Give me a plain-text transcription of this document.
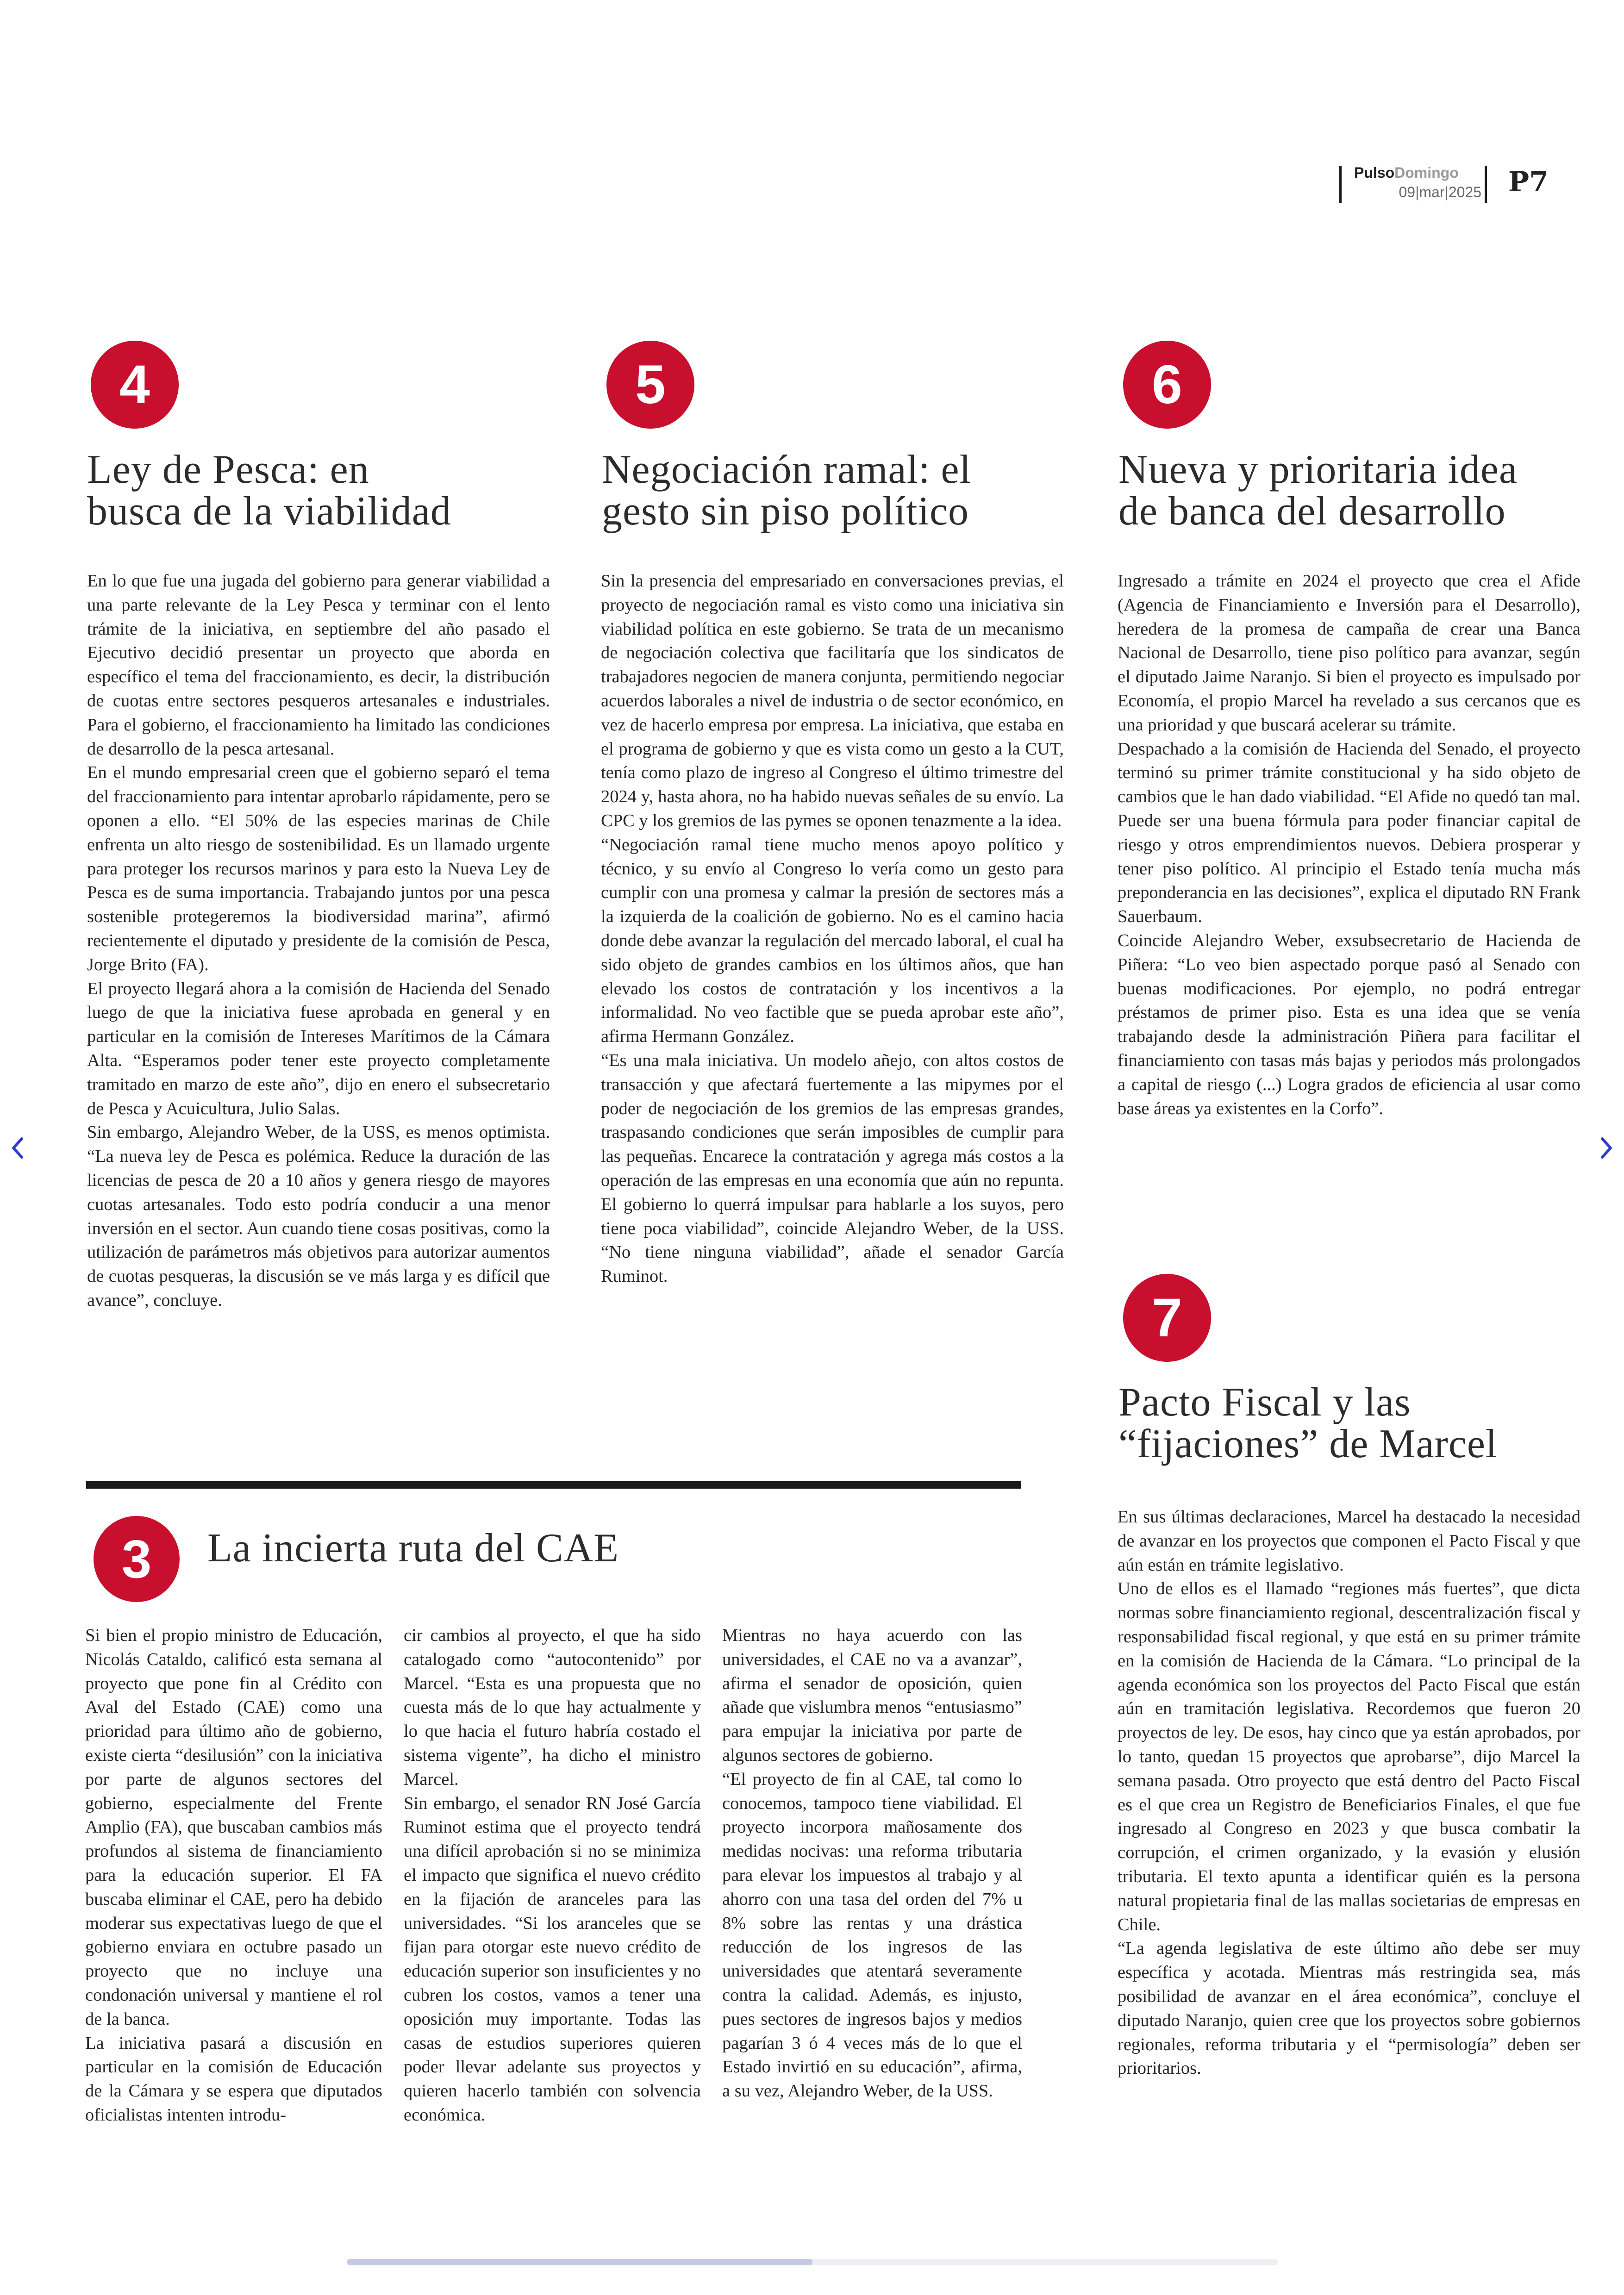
PulsoDomingo
09|mar|2025 P7
4
Ley de Pesca: en
busca de la viabilidad

En lo que fue una jugada del gobierno para generar viabilidad a una parte relevante de la Ley Pesca y terminar con el lento trámite de la iniciativa, en septiembre del año pasado el Ejecutivo decidió presentar un proyecto que aborda en específico el tema del fraccionamiento, es decir, la distribución de cuotas entre sectores pesqueros artesanales e industriales. Para el gobierno, el fraccionamiento ha limitado las condiciones de desarrollo de la pesca artesanal.

En el mundo empresarial creen que el gobierno separó el tema del fraccionamiento para intentar aprobarlo rápidamente, pero se oponen a ello. “El 50% de las especies marinas de Chile enfrenta un alto riesgo de sostenibilidad. Es un llamado urgente para proteger los recursos marinos y para esto la Nueva Ley de Pesca es de suma importancia. Trabajando juntos por una pesca sostenible protegeremos la biodiversidad marina”, afirmó recientemente el diputado y presidente de la comisión de Pesca, Jorge Brito (FA).

El proyecto llegará ahora a la comisión de Hacienda del Senado luego de que la iniciativa fuese aprobada en general y en particular en la comisión de Intereses Marítimos de la Cámara Alta. “Esperamos poder tener este proyecto completamente tramitado en marzo de este año”, dijo en enero el subsecretario de Pesca y Acuicultura, Julio Salas.

Sin embargo, Alejandro Weber, de la USS, es menos optimista. “La nueva ley de Pesca es polémica. Reduce la duración de las licencias de pesca de 20 a 10 años y genera riesgo de mayores cuotas artesanales. Todo esto podría conducir a una menor inversión en el sector. Aun cuando tiene cosas positivas, como la utilización de parámetros más objetivos para autorizar aumentos de cuotas pesqueras, la discusión se ve más larga y es difícil que avance”, concluye.

5
Negociación ramal: el
gesto sin piso político

Sin la presencia del empresariado en conversaciones previas, el proyecto de negociación ramal es visto como una iniciativa sin viabilidad política en este gobierno. Se trata de un mecanismo de negociación colectiva que facilitaría que los sindicatos de trabajadores negocien de manera conjunta, permitiendo negociar acuerdos laborales a nivel de industria o de sector económico, en vez de hacerlo empresa por empresa. La iniciativa, que estaba en el programa de gobierno y que es vista como un gesto a la CUT, tenía como plazo de ingreso al Congreso el último trimestre del 2024 y, hasta ahora, no ha habido nuevas señales de su envío. La CPC y los gremios de las pymes se oponen tenazmente a la idea.

“Negociación ramal tiene mucho menos apoyo político y técnico, y su envío al Congreso lo vería como un gesto para cumplir con una promesa y calmar la presión de sectores más a la izquierda de la coalición de gobierno. No es el camino hacia donde debe avanzar la regulación del mercado laboral, el cual ha sido objeto de grandes cambios en los últimos años, que han elevado los costos de contratación y los incentivos a la informalidad. No veo factible que se pueda aprobar este año”, afirma Hermann González.

“Es una mala iniciativa. Un modelo añejo, con altos costos de transacción y que afectará fuertemente a las mipymes por el poder de negociación de los gremios de las empresas grandes, traspasando condiciones que serán imposibles de cumplir para las pequeñas. Encarece la contratación y agrega más costos a la operación de las empresas en una economía que aún no repunta. El gobierno lo querrá impulsar para hablarle a los suyos, pero tiene poca viabilidad”, coincide Alejandro Weber, de la USS. “No tiene ninguna viabilidad”, añade el senador García Ruminot.

6
Nueva y prioritaria idea
de banca del desarrollo

Ingresado a trámite en 2024 el proyecto que crea el Afide (Agencia de Financiamiento e Inversión para el Desarrollo), heredera de la promesa de campaña de crear una Banca Nacional de Desarrollo, tiene piso político para avanzar, según el diputado Jaime Naranjo. Si bien el proyecto es impulsado por Economía, el propio Marcel ha revelado a sus cercanos que es una prioridad y que buscará acelerar su trámite.

Despachado a la comisión de Hacienda del Senado, el proyecto terminó su primer trámite constitucional y ha sido objeto de cambios que le han dado viabilidad. “El Afide no quedó tan mal. Puede ser una buena fórmula para poder financiar capital de riesgo y otros emprendimientos nuevos. Debiera prosperar y tener piso político. Al principio el Estado tenía mucha más preponderancia en las decisiones”, explica el diputado RN Frank Sauerbaum.

Coincide Alejandro Weber, exsubsecretario de Hacienda de Piñera: “Lo veo bien aspectado porque pasó al Senado con buenas modificaciones. Por ejemplo, no podrá entregar préstamos de primer piso. Esta es una idea que se venía trabajando desde la administración Piñera para facilitar el financiamiento con tasas más bajas y periodos más prolongados a capital de riesgo (...) Logra grados de eficiencia al usar como base áreas ya existentes en la Corfo”.

7
Pacto Fiscal y las
“fijaciones” de Marcel

En sus últimas declaraciones, Marcel ha destacado la necesidad de avanzar en los proyectos que componen el Pacto Fiscal y que aún están en trámite legislativo.

Uno de ellos es el llamado “regiones más fuertes”, que dicta normas sobre financiamiento regional, descentralización fiscal y responsabilidad fiscal regional, y que está en su primer trámite en la comisión de Hacienda de la Cámara. “Lo principal de la agenda económica son los proyectos del Pacto Fiscal que están aún en tramitación legislativa. Recordemos que fueron 20 proyectos de ley. De esos, hay cinco que ya están aprobados, por lo tanto, quedan 15 proyectos que aprobarse”, dijo Marcel la semana pasada. Otro proyecto que está dentro del Pacto Fiscal es el que crea un Registro de Beneficiarios Finales, el que fue ingresado al Congreso en 2023 y que busca combatir la corrupción, el crimen organizado, y la evasión y elusión tributaria. El texto apunta a identificar quién es la persona natural propietaria final de las mallas societarias de empresas en Chile.

“La agenda legislativa de este último año debe ser muy específica y acotada. Mientras más restringida sea, más posibilidad de avanzar en el área económica”, concluye el diputado Naranjo, quien cree que los proyectos sobre gobiernos regionales, reforma tributaria y el “permisología” deben ser prioritarios.

3	La incierta ruta del CAE

Si bien el propio ministro de Educación, Nicolás Cataldo, calificó esta semana al proyecto que pone fin al Crédito con Aval del Estado (CAE) como una prioridad para último año de gobierno, existe cierta “desilusión” con la iniciativa por parte de algunos sectores del gobierno, especialmente del Frente Amplio (FA), que buscaban cambios más profundos al sistema de financiamiento para la educación superior. El FA buscaba eliminar el CAE, pero ha debido moderar sus expectativas luego de que el gobierno enviara en octubre pasado un proyecto que no incluye una condonación universal y mantiene el rol de la banca.

La iniciativa pasará a discusión en particular en la comisión de Educación de la Cámara y se espera que diputados oficialistas intenten introdu-

cir cambios al proyecto, el que ha sido catalogado como “autocontenido” por Marcel. “Esta es una propuesta que no cuesta más de lo que hay actualmente y lo que hacia el futuro habría costado el sistema vigente”, ha dicho el ministro Marcel.

Sin embargo, el senador RN José García Ruminot estima que el proyecto tendrá una difícil aprobación si no se minimiza el impacto que significa el nuevo crédito en la fijación de aranceles para las universidades. “Si los aranceles que se fijan para otorgar este nuevo crédito de educación superior son insuficientes y no cubren los costos, vamos a tener una oposición muy importante. Todas las casas de estudios superiores quieren poder llevar adelante sus proyectos y quieren hacerlo también con solvencia económica.

Mientras no haya acuerdo con las universidades, el CAE no va a avanzar”, afirma el senador de oposición, quien añade que vislumbra menos “entusiasmo” para empujar la iniciativa por parte de algunos sectores de gobierno.

“El proyecto de fin al CAE, tal como lo conocemos, tampoco tiene viabilidad. El proyecto incorpora mañosamente dos medidas nocivas: una reforma tributaria para elevar los impuestos al trabajo y al ahorro con una tasa del orden del 7% u 8% sobre las rentas y una drástica reducción de los ingresos de las universidades que atentará severamente contra la calidad. Además, es injusto, pues sectores de ingresos bajos y medios pagarían 3 ó 4 veces más de lo que el Estado invirtió en su educación”, afirma, a su vez, Alejandro Weber, de la USS.
